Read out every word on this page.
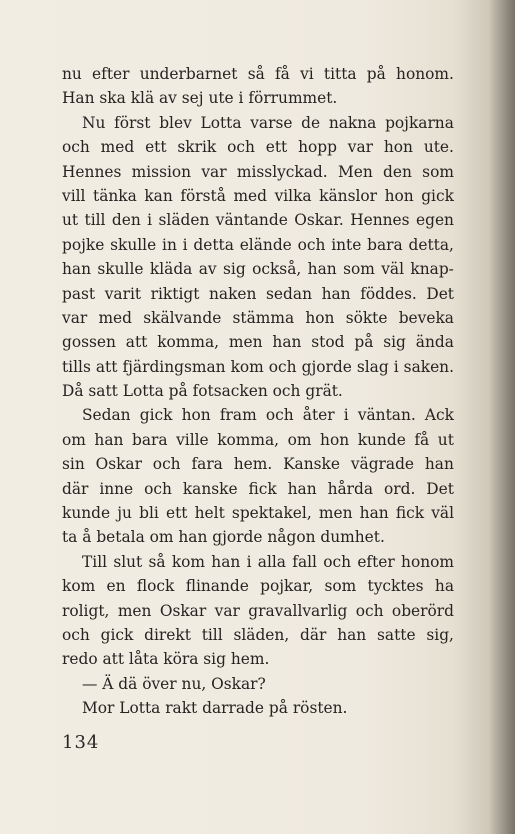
nu efter underbarnet så få vi titta på honom.
Han ska klä av sej ute i förrummet.
Nu först blev Lotta varse de nakna pojkarna
och med ett skrik och ett hopp var hon ute.
Hennes mission var misslyckad. Men den som
vill tänka kan förstå med vilka känslor hon gick
ut till den i släden väntande Oskar. Hennes egen
pojke skulle in i detta elände och inte bara detta,
han skulle kläda av sig också, han som väl knap-
past varit riktigt naken sedan han föddes. Det
var med skälvande stämma hon sökte beveka
gossen att komma, men han stod på sig ända
tills att fjärdingsman kom och gjorde slag i saken.
Då satt Lotta på fotsacken och grät.
Sedan gick hon fram och åter i väntan. Ack
om han bara ville komma, om hon kunde få ut
sin Oskar och fara hem. Kanske vägrade han
där inne och kanske fick han hårda ord. Det
kunde ju bli ett helt spektakel, men han fick väl
ta å betala om han gjorde någon dumhet.
Till slut så kom han i alla fall och efter honom
kom en flock flinande pojkar, som tycktes ha
roligt, men Oskar var gravallvarlig och oberörd
och gick direkt till släden, där han satte sig,
redo att låta köra sig hem.
— Ä dä över nu, Oskar?
Mor Lotta rakt darrade på rösten.
134
